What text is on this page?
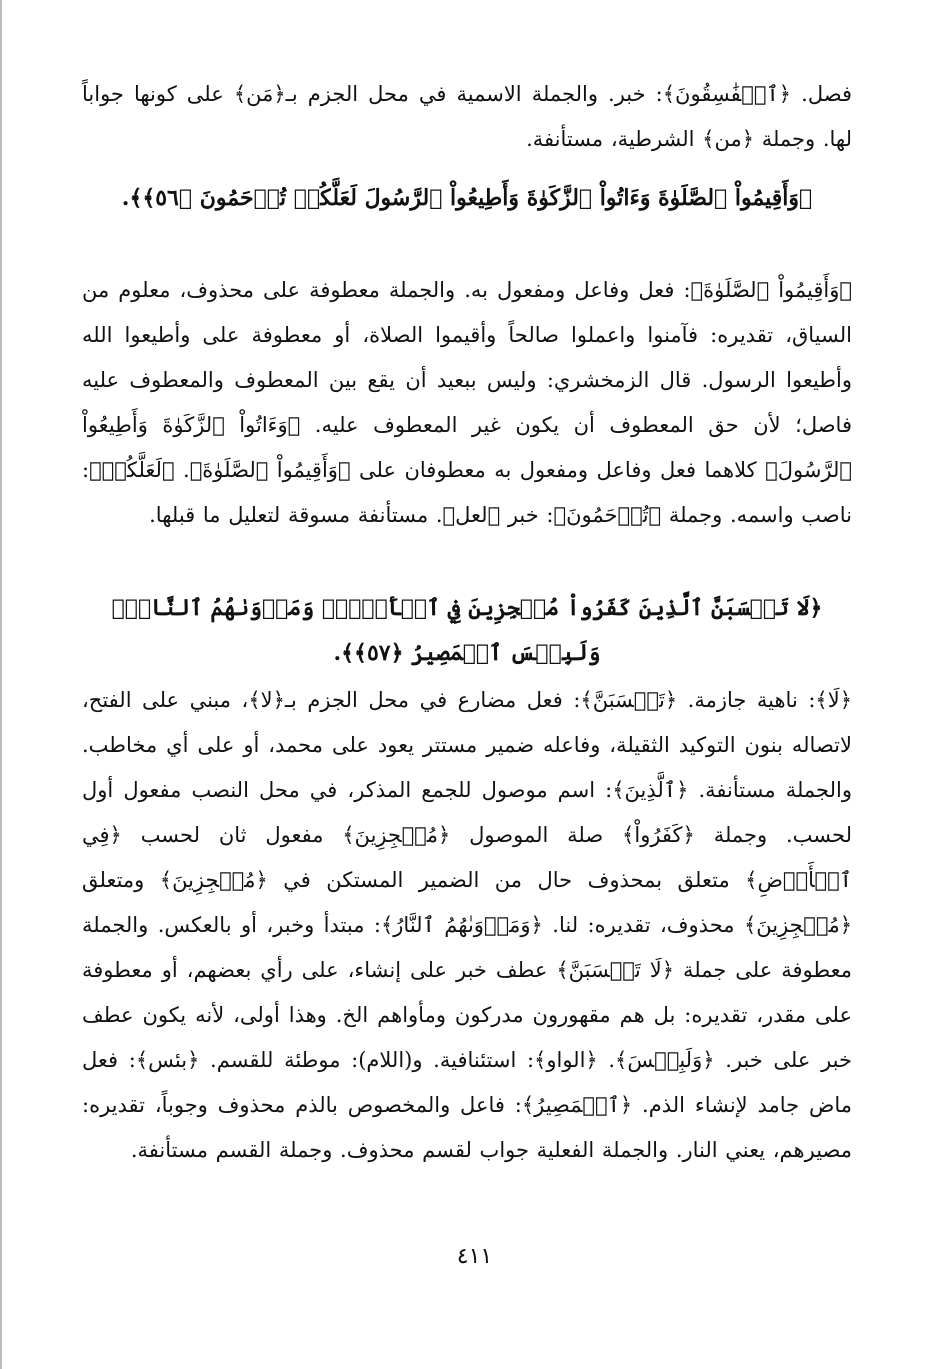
فصل. ﴿ٱلۡفَٰسِقُونَ﴾: خبر. والجملة الاسمية في محل الجزم بـ﴿مَن﴾ على كونها جواباً لها. وجملة ﴿من﴾ الشرطية، مستأنفة.

﴿وَأَقِيمُواْ ٱلصَّلَوٰةَ وَءَاتُواْ ٱلزَّكَوٰةَ وَأَطِيعُواْ ٱلرَّسُولَ لَعَلَّكُمۡ تُرۡحَمُونَ ﴿٥٦﴾﴾.

﴿وَأَقِيمُواْ ٱلصَّلَوٰةَ﴾: فعل وفاعل ومفعول به. والجملة معطوفة على محذوف، معلوم من السياق، تقديره: فآمنوا واعملوا صالحاً وأقيموا الصلاة، أو معطوفة على وأطيعوا الله وأطيعوا الرسول. قال الزمخشري: وليس ببعيد أن يقع بين المعطوف والمعطوف عليه فاصل؛ لأن حق المعطوف أن يكون غير المعطوف عليه. ﴿وَءَاتُواْ ٱلزَّكَوٰةَ وَأَطِيعُواْ ٱلرَّسُولَ﴾ كلاهما فعل وفاعل ومفعول به معطوفان على ﴿وَأَقِيمُواْ ٱلصَّلَوٰةَ﴾. ﴿لَعَلَّكُمۡ﴾: ناصب واسمه. وجملة ﴿تُرۡحَمُونَ﴾: خبر ﴿لعل﴾. مستأنفة مسوقة لتعليل ما قبلها.

﴿لَا تَحۡسَبَنَّ ٱلَّذِينَ كَفَرُواْ مُعۡجِزِينَ فِي ٱلۡأَرۡضِۚ وَمَأۡوَىٰهُمُ ٱلنَّارُۖ وَلَبِئۡسَ ٱلۡمَصِيرُ ﴿٥٧﴾﴾.

﴿لَا﴾: ناهية جازمة. ﴿تَحۡسَبَنَّ﴾: فعل مضارع في محل الجزم بـ﴿لا﴾، مبني على الفتح، لاتصاله بنون التوكيد الثقيلة، وفاعله ضمير مستتر يعود على محمد، أو على أي مخاطب. والجملة مستأنفة. ﴿ٱلَّذِينَ﴾: اسم موصول للجمع المذكر، في محل النصب مفعول أول لحسب. وجملة ﴿كَفَرُواْ﴾ صلة الموصول ﴿مُعۡجِزِينَ﴾ مفعول ثان لحسب ﴿فِي ٱلۡأَرۡضِ﴾ متعلق بمحذوف حال من الضمير المستكن في ﴿مُعۡجِزِينَ﴾ ومتعلق ﴿مُعۡجِزِينَ﴾ محذوف، تقديره: لنا. ﴿وَمَأۡوَىٰهُمُ ٱلنَّارُ﴾: مبتدأ وخبر، أو بالعكس. والجملة معطوفة على جملة ﴿لَا تَحۡسَبَنَّ﴾ عطف خبر على إنشاء، على رأي بعضهم، أو معطوفة على مقدر، تقديره: بل هم مقهورون مدركون ومأواهم الخ. وهذا أولى، لأنه يكون عطف خبر على خبر. ﴿وَلَبِئۡسَ﴾. ﴿الواو﴾: استئنافية. و(اللام): موطئة للقسم. ﴿بئس﴾: فعل ماض جامد لإنشاء الذم. ﴿ٱلۡمَصِيرُ﴾: فاعل والمخصوص بالذم محذوف وجوباً، تقديره: مصيرهم، يعني النار. والجملة الفعلية جواب لقسم محذوف. وجملة القسم مستأنفة.

٤١١
